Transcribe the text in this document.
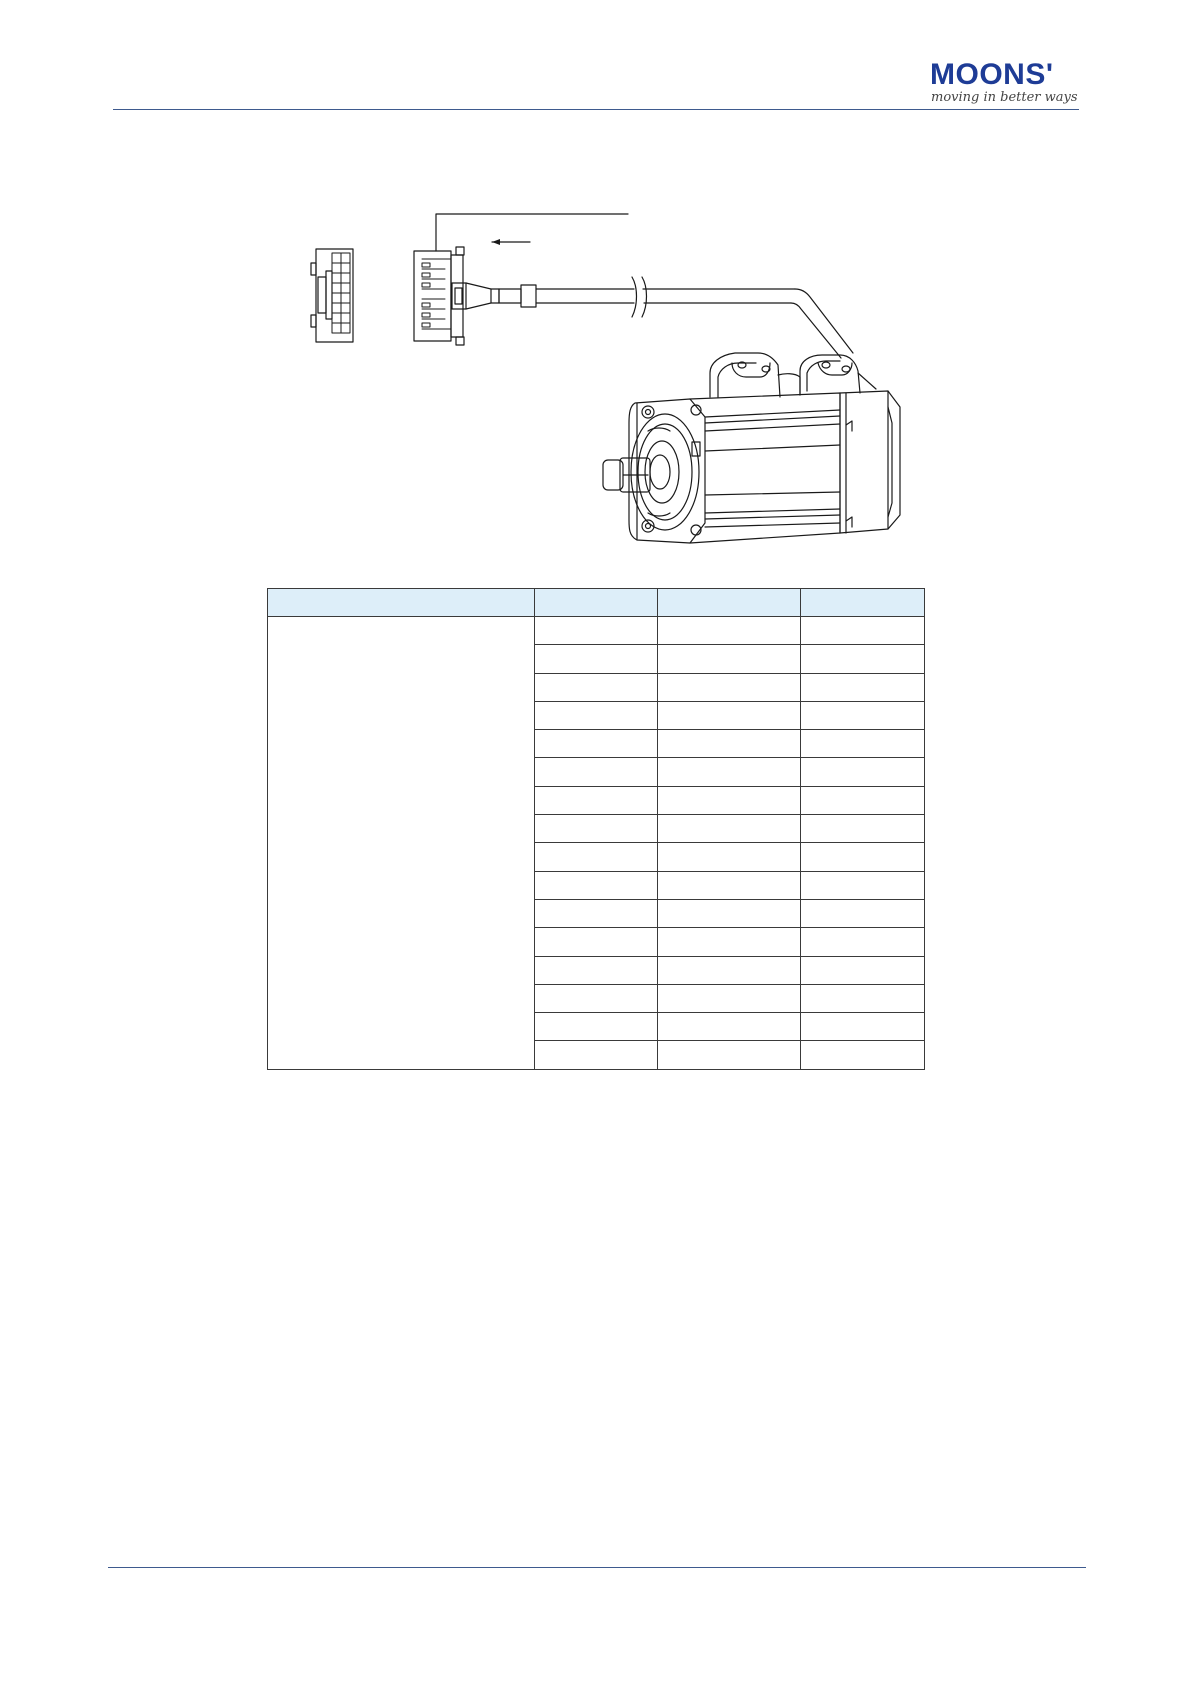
MOONS'
moving in better ways
